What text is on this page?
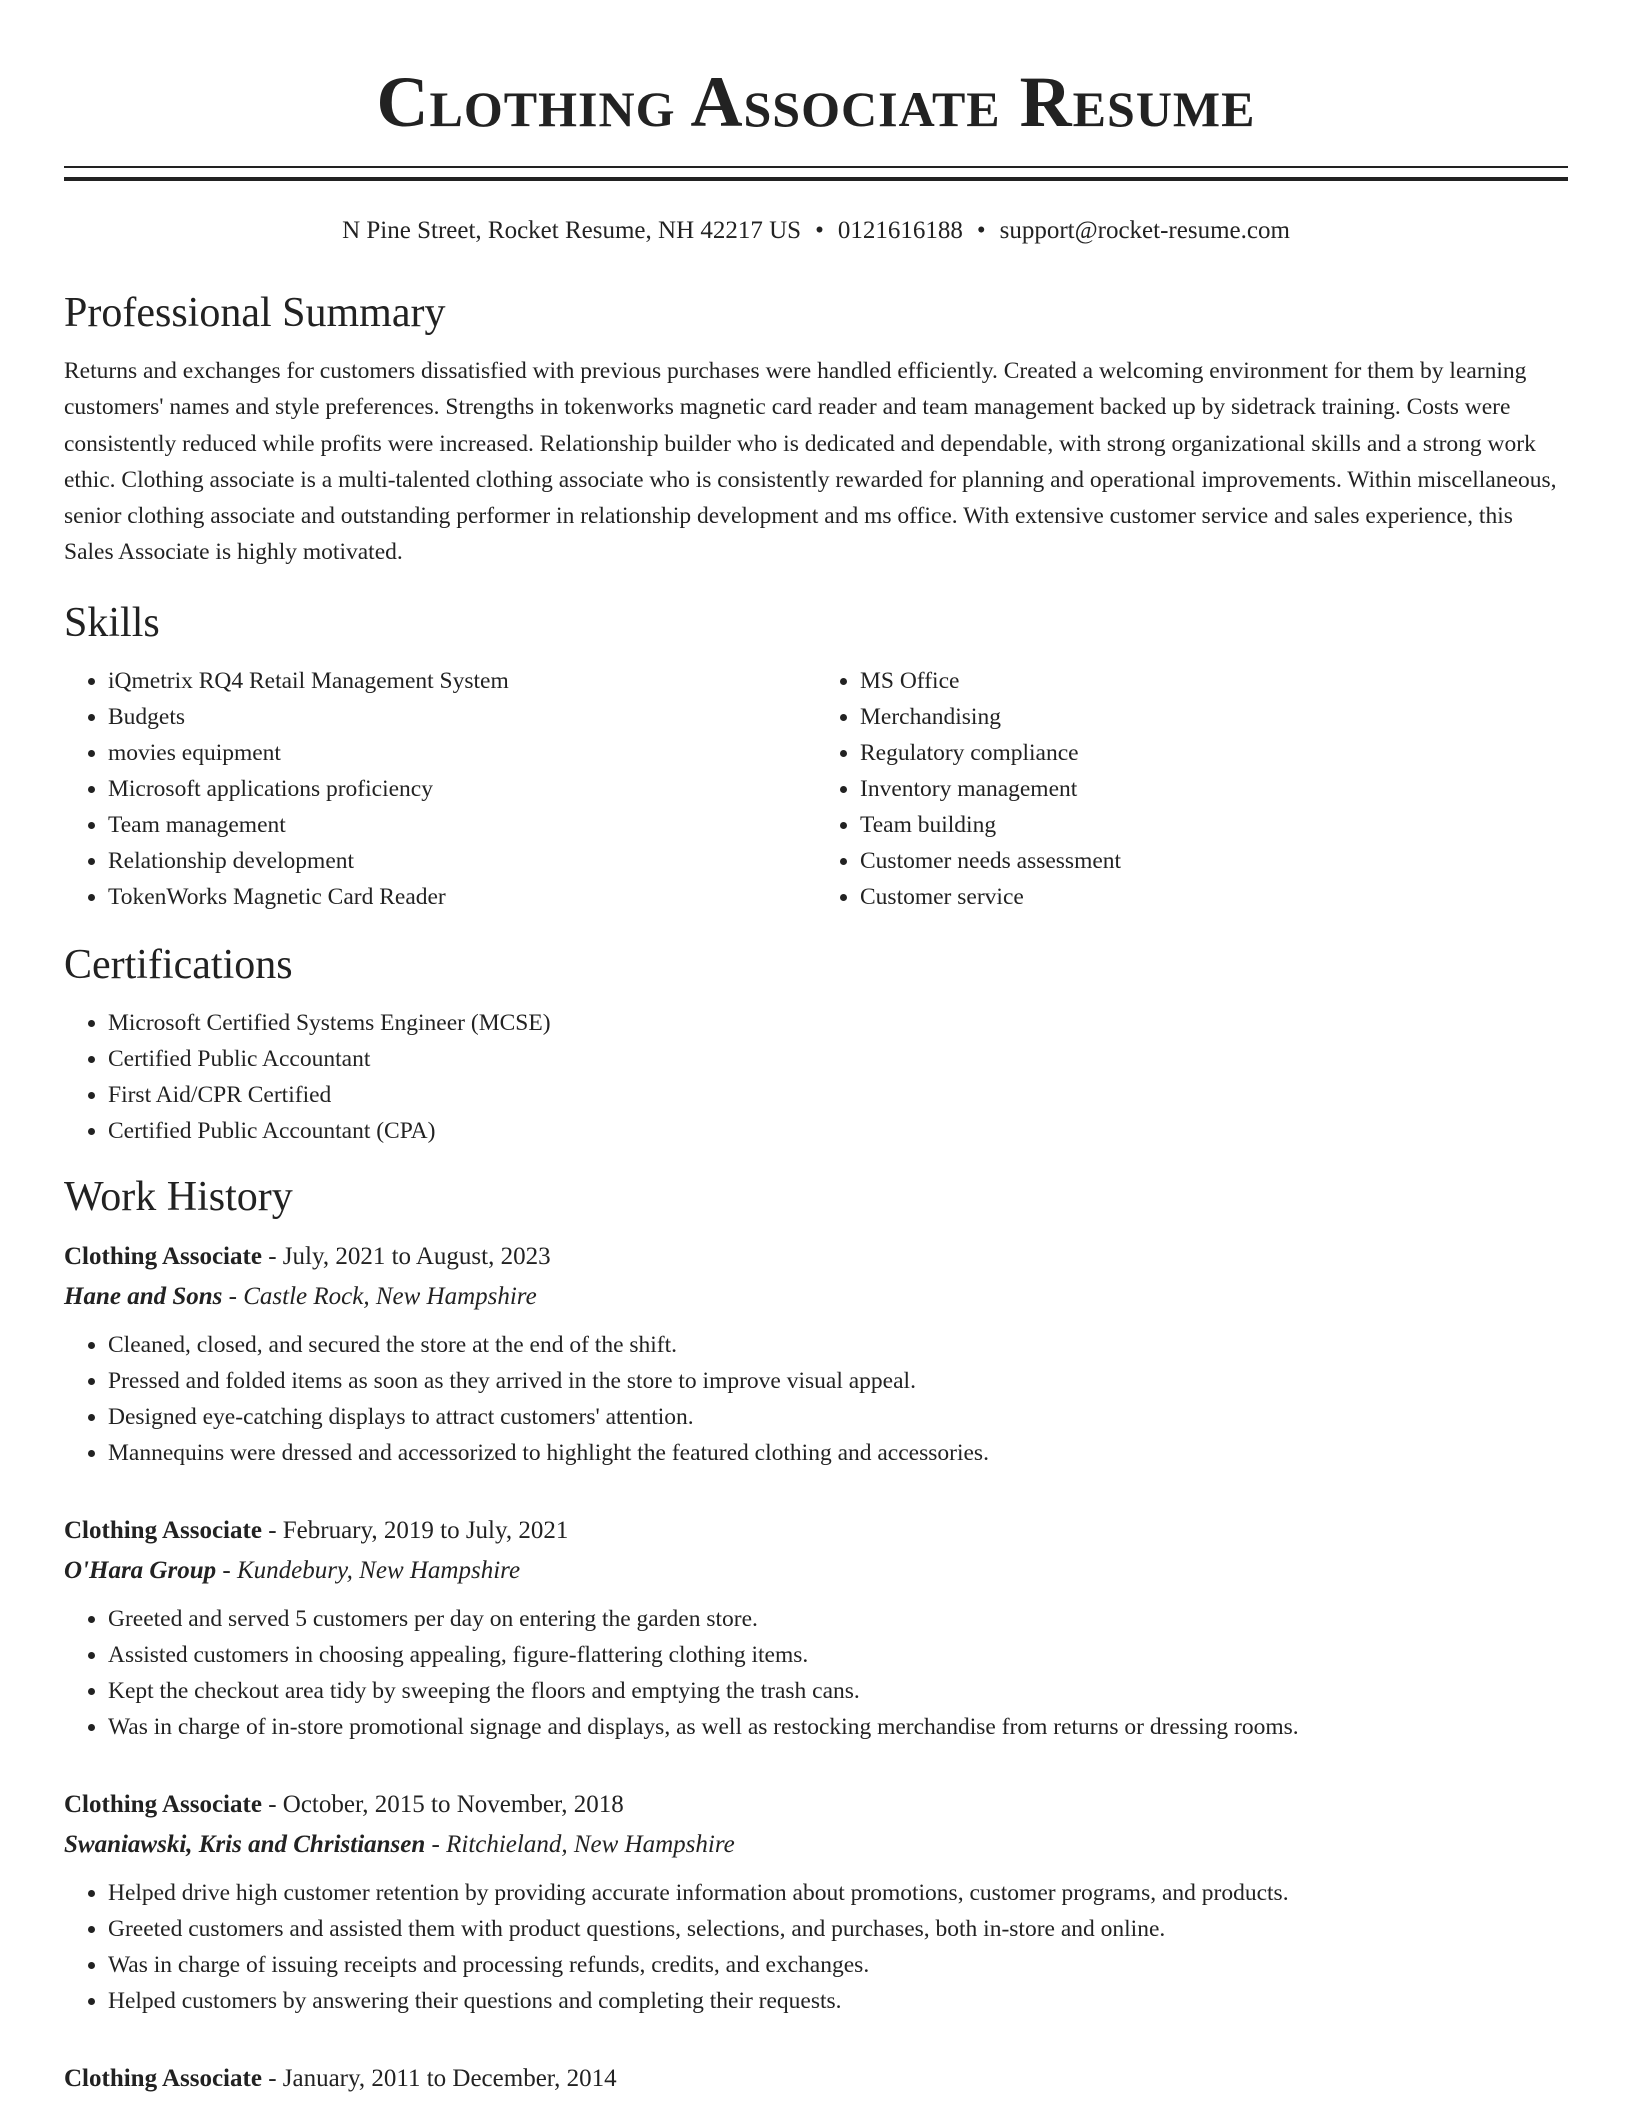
Clothing Associate Resume
N Pine Street, Rocket Resume, NH 42217 US • 0121616188 • support@rocket-resume.com
Professional Summary
Returns and exchanges for customers dissatisfied with previous purchases were handled efficiently. Created a welcoming environment for them by learning customers' names and style preferences. Strengths in tokenworks magnetic card reader and team management backed up by sidetrack training. Costs were consistently reduced while profits were increased. Relationship builder who is dedicated and dependable, with strong organizational skills and a strong work ethic. Clothing associate is a multi-talented clothing associate who is consistently rewarded for planning and operational improvements. Within miscellaneous, senior clothing associate and outstanding performer in relationship development and ms office. With extensive customer service and sales experience, this Sales Associate is highly motivated.
Skills
• iQmetrix RQ4 Retail Management System
• Budgets
• movies equipment
• Microsoft applications proficiency
• Team management
• Relationship development
• TokenWorks Magnetic Card Reader
• MS Office
• Merchandising
• Regulatory compliance
• Inventory management
• Team building
• Customer needs assessment
• Customer service
Certifications
• Microsoft Certified Systems Engineer (MCSE)
• Certified Public Accountant
• First Aid/CPR Certified
• Certified Public Accountant (CPA)
Work History
Clothing Associate - July, 2021 to August, 2023
Hane and Sons - Castle Rock, New Hampshire
• Cleaned, closed, and secured the store at the end of the shift.
• Pressed and folded items as soon as they arrived in the store to improve visual appeal.
• Designed eye-catching displays to attract customers' attention.
• Mannequins were dressed and accessorized to highlight the featured clothing and accessories.
Clothing Associate - February, 2019 to July, 2021
O'Hara Group - Kundebury, New Hampshire
• Greeted and served 5 customers per day on entering the garden store.
• Assisted customers in choosing appealing, figure-flattering clothing items.
• Kept the checkout area tidy by sweeping the floors and emptying the trash cans.
• Was in charge of in-store promotional signage and displays, as well as restocking merchandise from returns or dressing rooms.
Clothing Associate - October, 2015 to November, 2018
Swaniawski, Kris and Christiansen - Ritchieland, New Hampshire
• Helped drive high customer retention by providing accurate information about promotions, customer programs, and products.
• Greeted customers and assisted them with product questions, selections, and purchases, both in-store and online.
• Was in charge of issuing receipts and processing refunds, credits, and exchanges.
• Helped customers by answering their questions and completing their requests.
Clothing Associate - January, 2011 to December, 2014
